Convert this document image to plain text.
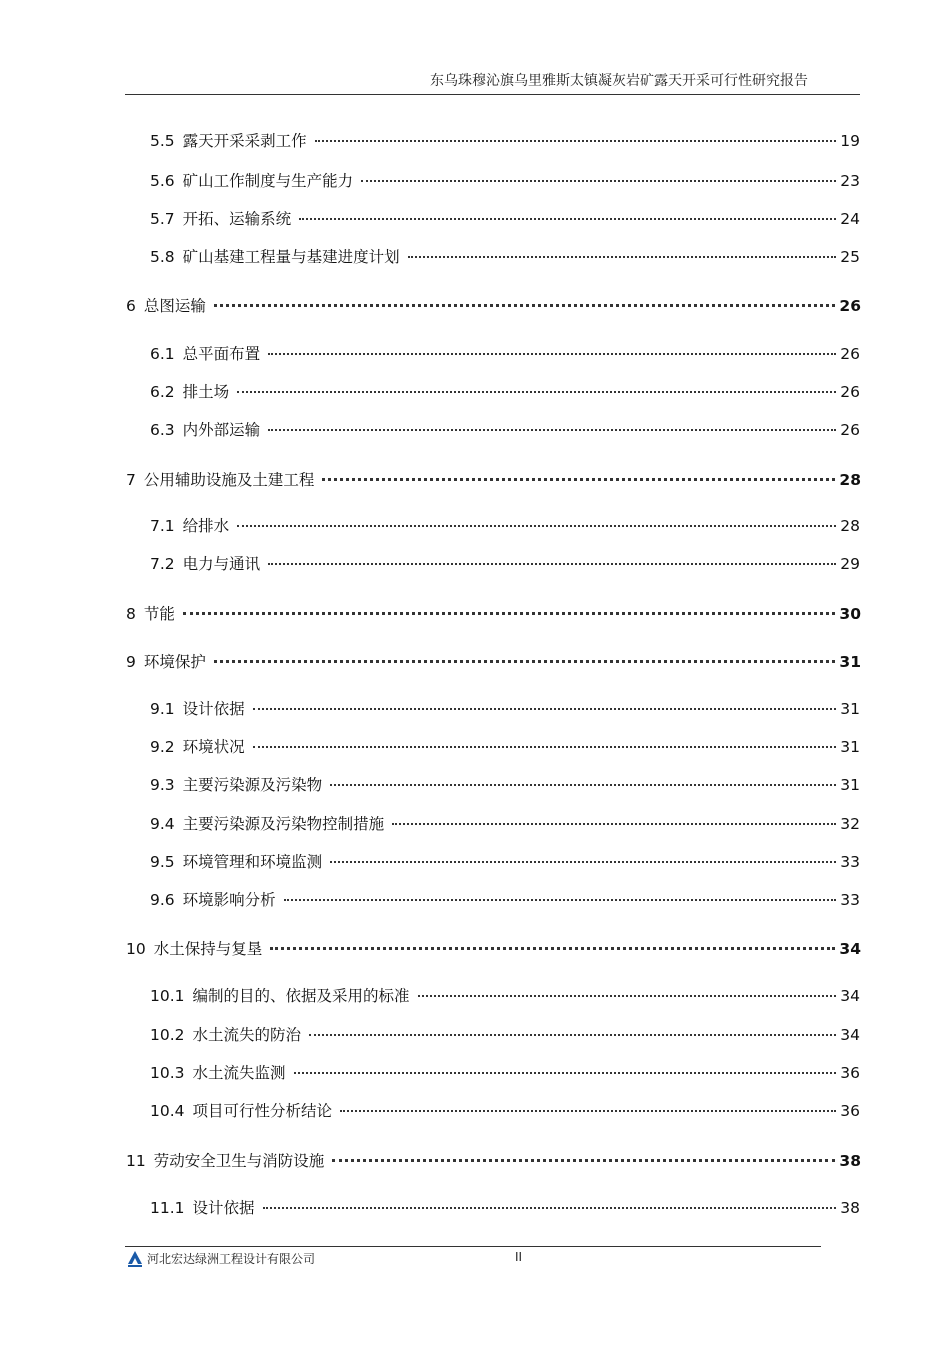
东乌珠穆沁旗乌里雅斯太镇凝灰岩矿露天开采可行性研究报告
5.5 露天开采采剥工作	19
5.6 矿山工作制度与生产能力	23
5.7 开拓、运输系统	24
5.8 矿山基建工程量与基建进度计划	25
6 总图运输	26
6.1 总平面布置	26
6.2 排土场	26
6.3 内外部运输	26
7 公用辅助设施及土建工程	28
7.1 给排水	28
7.2 电力与通讯	29
8 节能	30
9 环境保护	31
9.1 设计依据	31
9.2 环境状况	31
9.3 主要污染源及污染物	31
9.4 主要污染源及污染物控制措施	32
9.5 环境管理和环境监测	33
9.6 环境影响分析	33
10 水土保持与复垦	34
10.1 编制的目的、依据及采用的标准	34
10.2 水土流失的防治	34
10.3 水土流失监测	36
10.4 项目可行性分析结论	36
11 劳动安全卫生与消防设施	38
11.1 设计依据	38
河北宏达绿洲工程设计有限公司	II
